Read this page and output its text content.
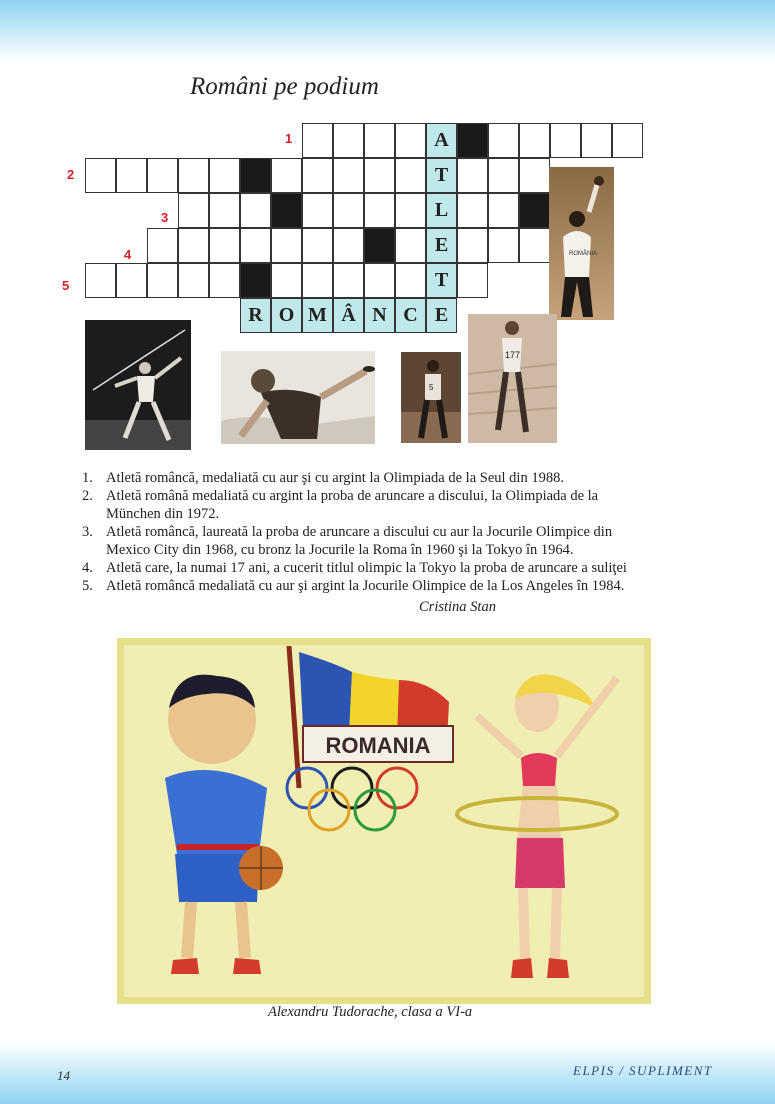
Români pe podium
A
1
T
2
L
3
E
4
T
5
R O M Â N C E
ROMÂNIA
5
177
1. Atletă româncă, medaliată cu aur şi cu argint la Olimpiada de la Seul din 1988.
2. Atletă română medaliată cu argint la proba de aruncare a discului, la Olimpiada de la
München din 1972.
3. Atletă româncă, laureată la proba de aruncare a discului cu aur la Jocurile Olimpice din
Mexico City din 1968, cu bronz la Jocurile la Roma în 1960 şi la Tokyo în 1964.
4. Atletă care, la numai 17 ani, a cucerit titlul olimpic la Tokyo la proba de aruncare a suliţei
5. Atletă româncă medaliată cu aur şi argint la Jocurile Olimpice de la Los Angeles în 1984.
Cristina Stan
ROMANIA
Alexandru Tudorache, clasa a VI-a
14	ELPIS / SUPLIMENT
